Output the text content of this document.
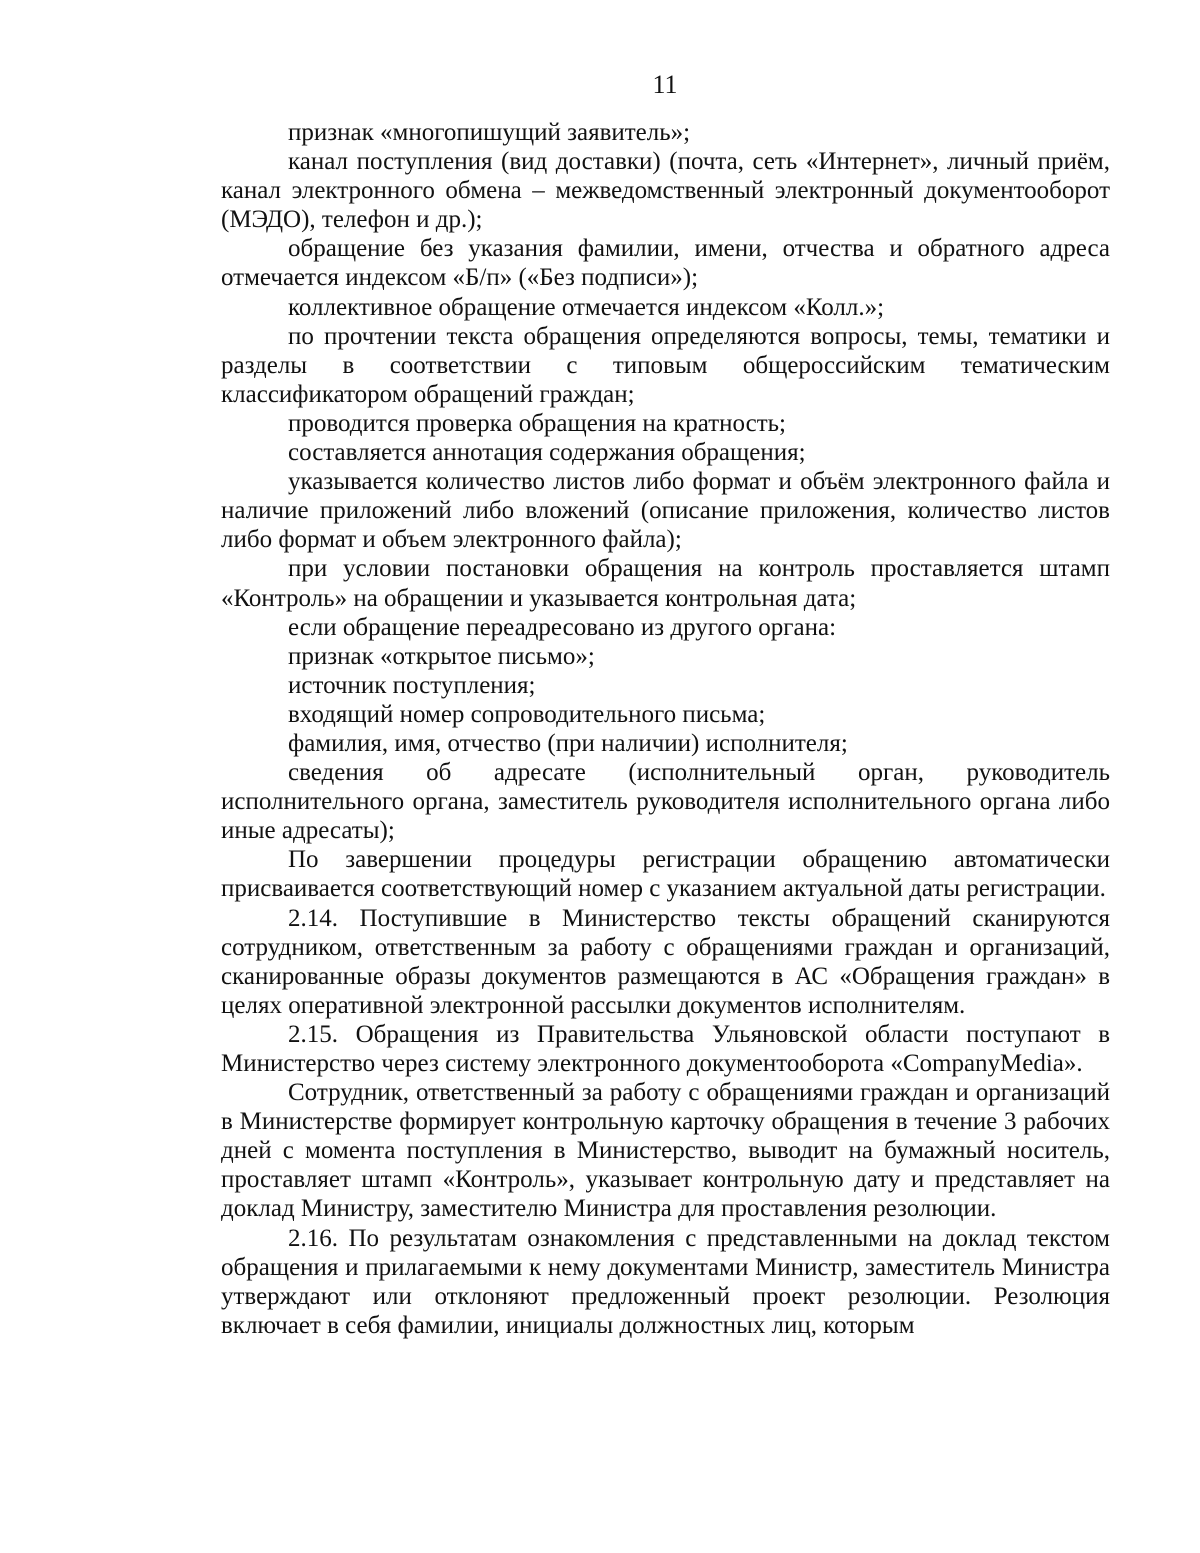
11

признак «многопишущий заявитель»;

канал поступления (вид доставки) (почта, сеть «Интернет», личный приём, канал электронного обмена – межведомственный электронный документооборот (МЭДО), телефон и др.);

обращение без указания фамилии, имени, отчества и обратного адреса отмечается индексом «Б/п» («Без подписи»);

коллективное обращение отмечается индексом «Колл.»;

по прочтении текста обращения определяются вопросы, темы, тематики и разделы в соответствии с типовым общероссийским тематическим классификатором обращений граждан;

проводится проверка обращения на кратность;

составляется аннотация содержания обращения;

указывается количество листов либо формат и объём электронного файла и наличие приложений либо вложений (описание приложения, количество листов либо формат и объем электронного файла);

при условии постановки обращения на контроль проставляется штамп «Контроль» на обращении и указывается контрольная дата;

если обращение переадресовано из другого органа:

признак «открытое письмо»;

источник поступления;

входящий номер сопроводительного письма;

фамилия, имя, отчество (при наличии) исполнителя;

сведения об адресате (исполнительный орган, руководитель исполнительного органа, заместитель руководителя исполнительного органа либо иные адресаты);

По завершении процедуры регистрации обращению автоматически присваивается соответствующий номер с указанием актуальной даты регистрации.

2.14. Поступившие в Министерство тексты обращений сканируются сотрудником, ответственным за работу с обращениями граждан и организаций, сканированные образы документов размещаются в АС «Обращения граждан» в целях оперативной электронной рассылки документов исполнителям.

2.15. Обращения из Правительства Ульяновской области поступают в Министерство через систему электронного документооборота «CompanyMedia».

Сотрудник, ответственный за работу с обращениями граждан и организаций в Министерстве формирует контрольную карточку обращения в течение 3 рабочих дней с момента поступления в Министерство, выводит на бумажный носитель, проставляет штамп «Контроль», указывает контрольную дату и представляет на доклад Министру, заместителю Министра для проставления резолюции.

2.16. По результатам ознакомления с представленными на доклад текстом обращения и прилагаемыми к нему документами Министр, заместитель Министра утверждают или отклоняют предложенный проект резолюции. Резолюция включает в себя фамилии, инициалы должностных лиц, которым
